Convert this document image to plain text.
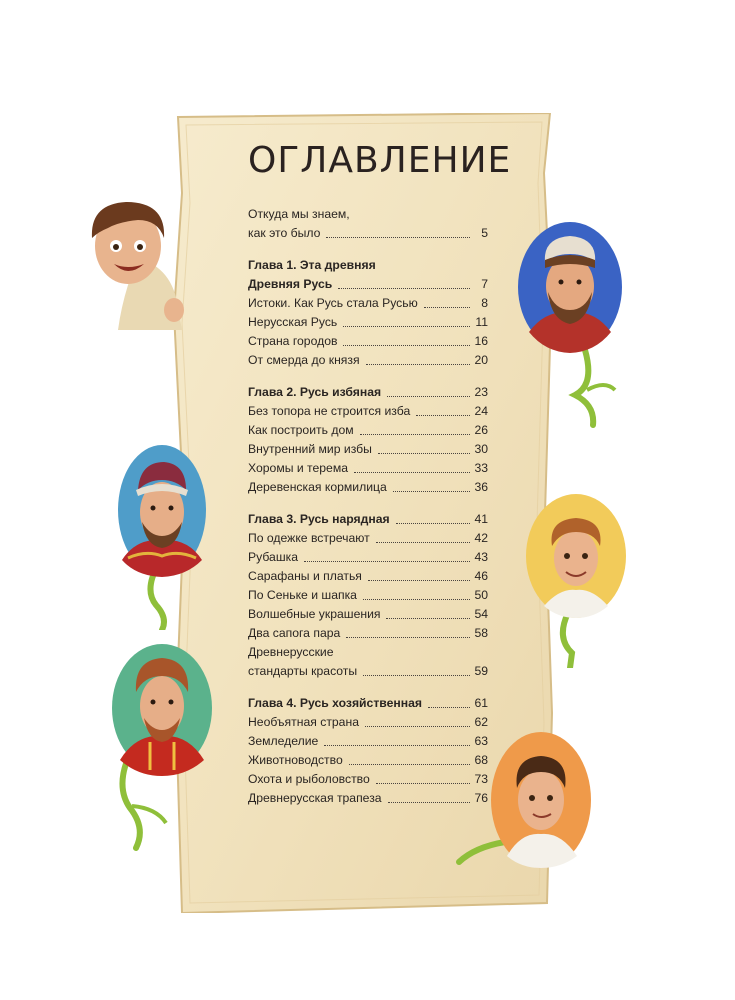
ОГЛАВЛЕНИЕ
Откуда мы знаем,
как это было	5
Глава 1. Эта древняя
Древняя Русь	7
Истоки. Как Русь стала Русью	8
Нерусская Русь	11
Страна городов	16
От смерда до князя	20
Глава 2. Русь избяная	23
Без топора не строится изба	24
Как построить дом	26
Внутренний мир избы	30
Хоромы и терема	33
Деревенская кормилица	36
Глава 3. Русь нарядная	41
По одежке встречают	42
Рубашка	43
Сарафаны и платья	46
По Сеньке и шапка	50
Волшебные украшения	54
Два сапога пара	58
Древнерусские
стандарты красоты	59
Глава 4. Русь хозяйственная	61
Необъятная страна	62
Земледелие	63
Животноводство	68
Охота и рыболовство	73
Древнерусская трапеза	76
